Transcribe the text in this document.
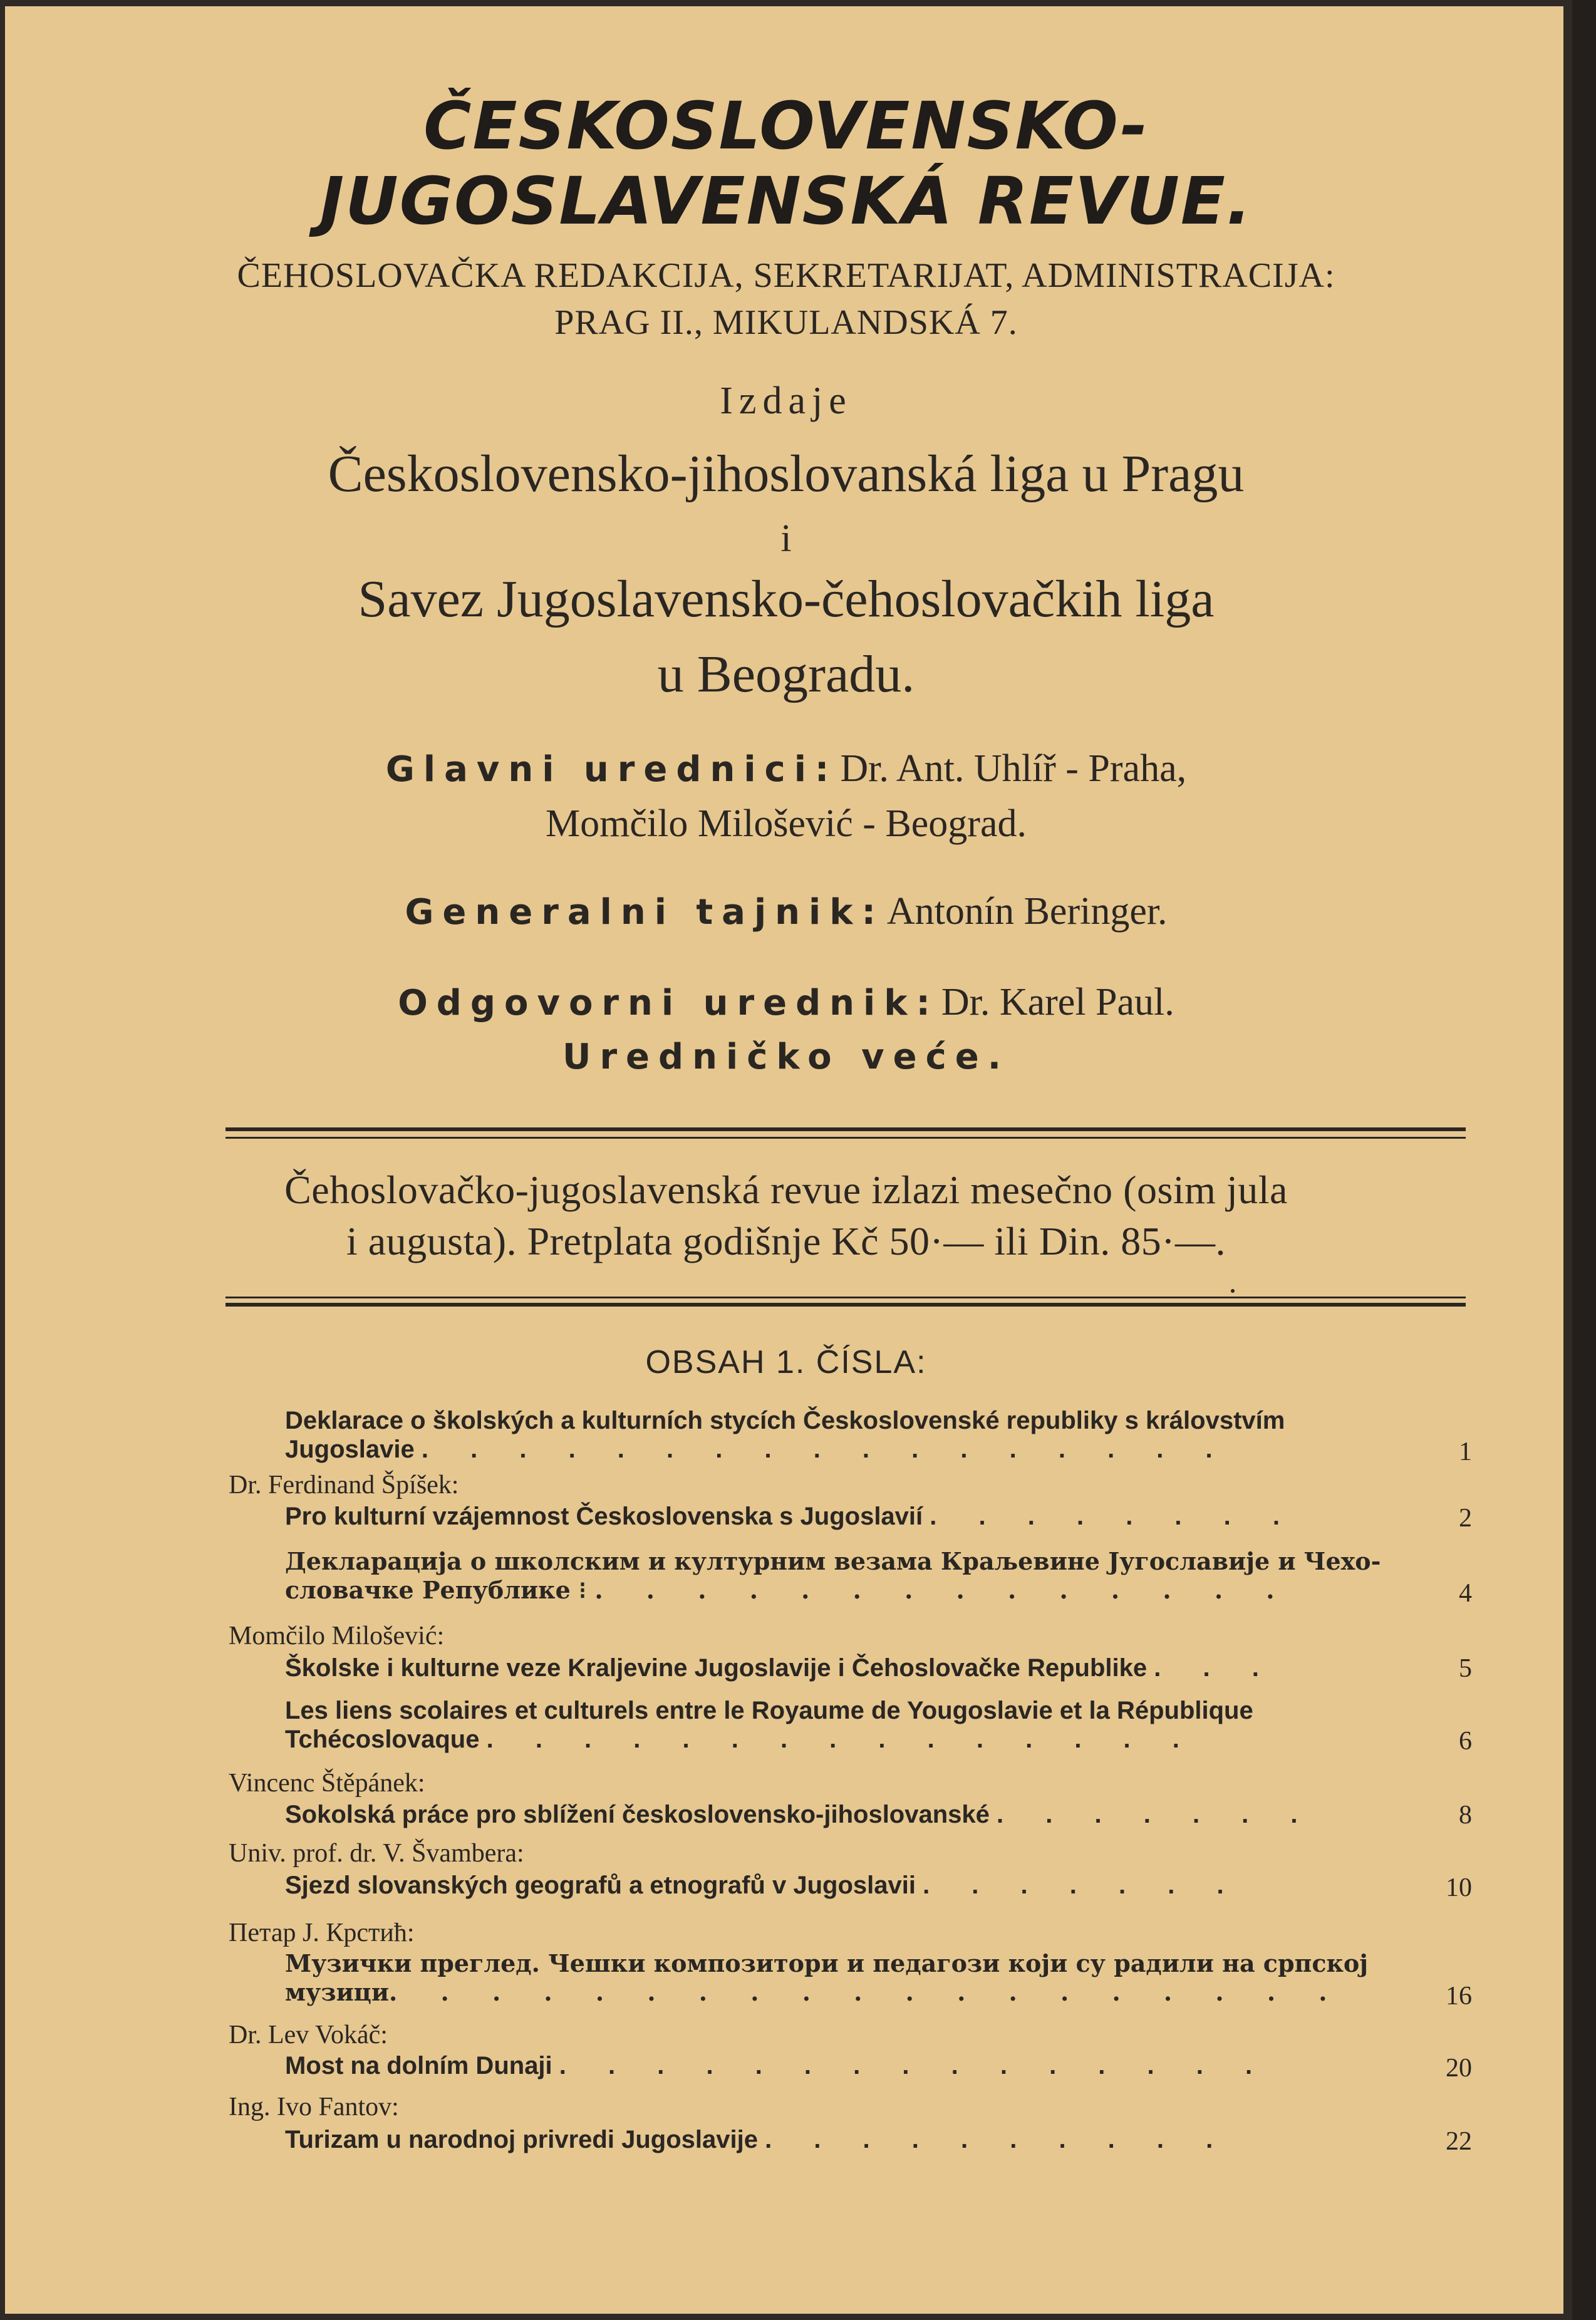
ČESKOSLOVENSKO-
JUGOSLAVENSKÁ REVUE.
ČEHOSLOVAČKA REDAKCIJA, SEKRETARIJAT, ADMINISTRACIJA:
PRAG II., MIKULANDSKÁ 7.
Izdaje
Československo-jihoslovanská liga u Pragu
i
Savez Jugoslavensko-čehoslovačkih liga
u Beogradu.
Glavni urednici: Dr. Ant. Uhlíř - Praha,
Momčilo Milošević - Beograd.
Generalni tajnik: Antonín Beringer.
Odgovorni urednik: Dr. Karel Paul.
Uredničko veće.
Čehoslovačko-jugoslavenská revue izlazi mesečno (osim jula
i augusta). Pretplata godišnje Kč 50·— ili Din. 85·—.
OBSAH 1. ČÍSLA:
Deklarace o školských a kulturních stycích Československé republiky s královstvím
Jugoslavie . . . . . . . . . . . . . . . . .	1
Dr. Ferdinand Špíšek:
Pro kulturní vzájemnost Československa s Jugoslavií . . . . . . . .	2
Декларација о школским и културним везама Краљевине Југославије и Чехо-
словачке Републике ⁝ . . . . . . . . . . . . . .	4
Momčilo Milošević:
Školske i kulturne veze Kraljevine Jugoslavije i Čehoslovačke Republike . . .	5
Les liens scolaires et culturels entre le Royaume de Yougoslavie et la République
Tchécoslovaque . . . . . . . . . . . . . . .	6
Vincenc Štěpánek:
Sokolská práce pro sblížení československo-jihoslovanské . . . . . . .	8
Univ. prof. dr. V. Švambera:
Sjezd slovanských geografů a etnografů v Jugoslavii . . . . . . .	10
Петар J. Крстић:
Музички преглед. Чешки композитори и педагози који су радили на српској
музици. . . . . . . . . . . . . . . . . . .	16
Dr. Lev Vokáč:
Most na dolním Dunaji . . . . . . . . . . . . . . .	20
Ing. Ivo Fantov:
Turizam u narodnoj privredi Jugoslavije . . . . . . . . . .	22
